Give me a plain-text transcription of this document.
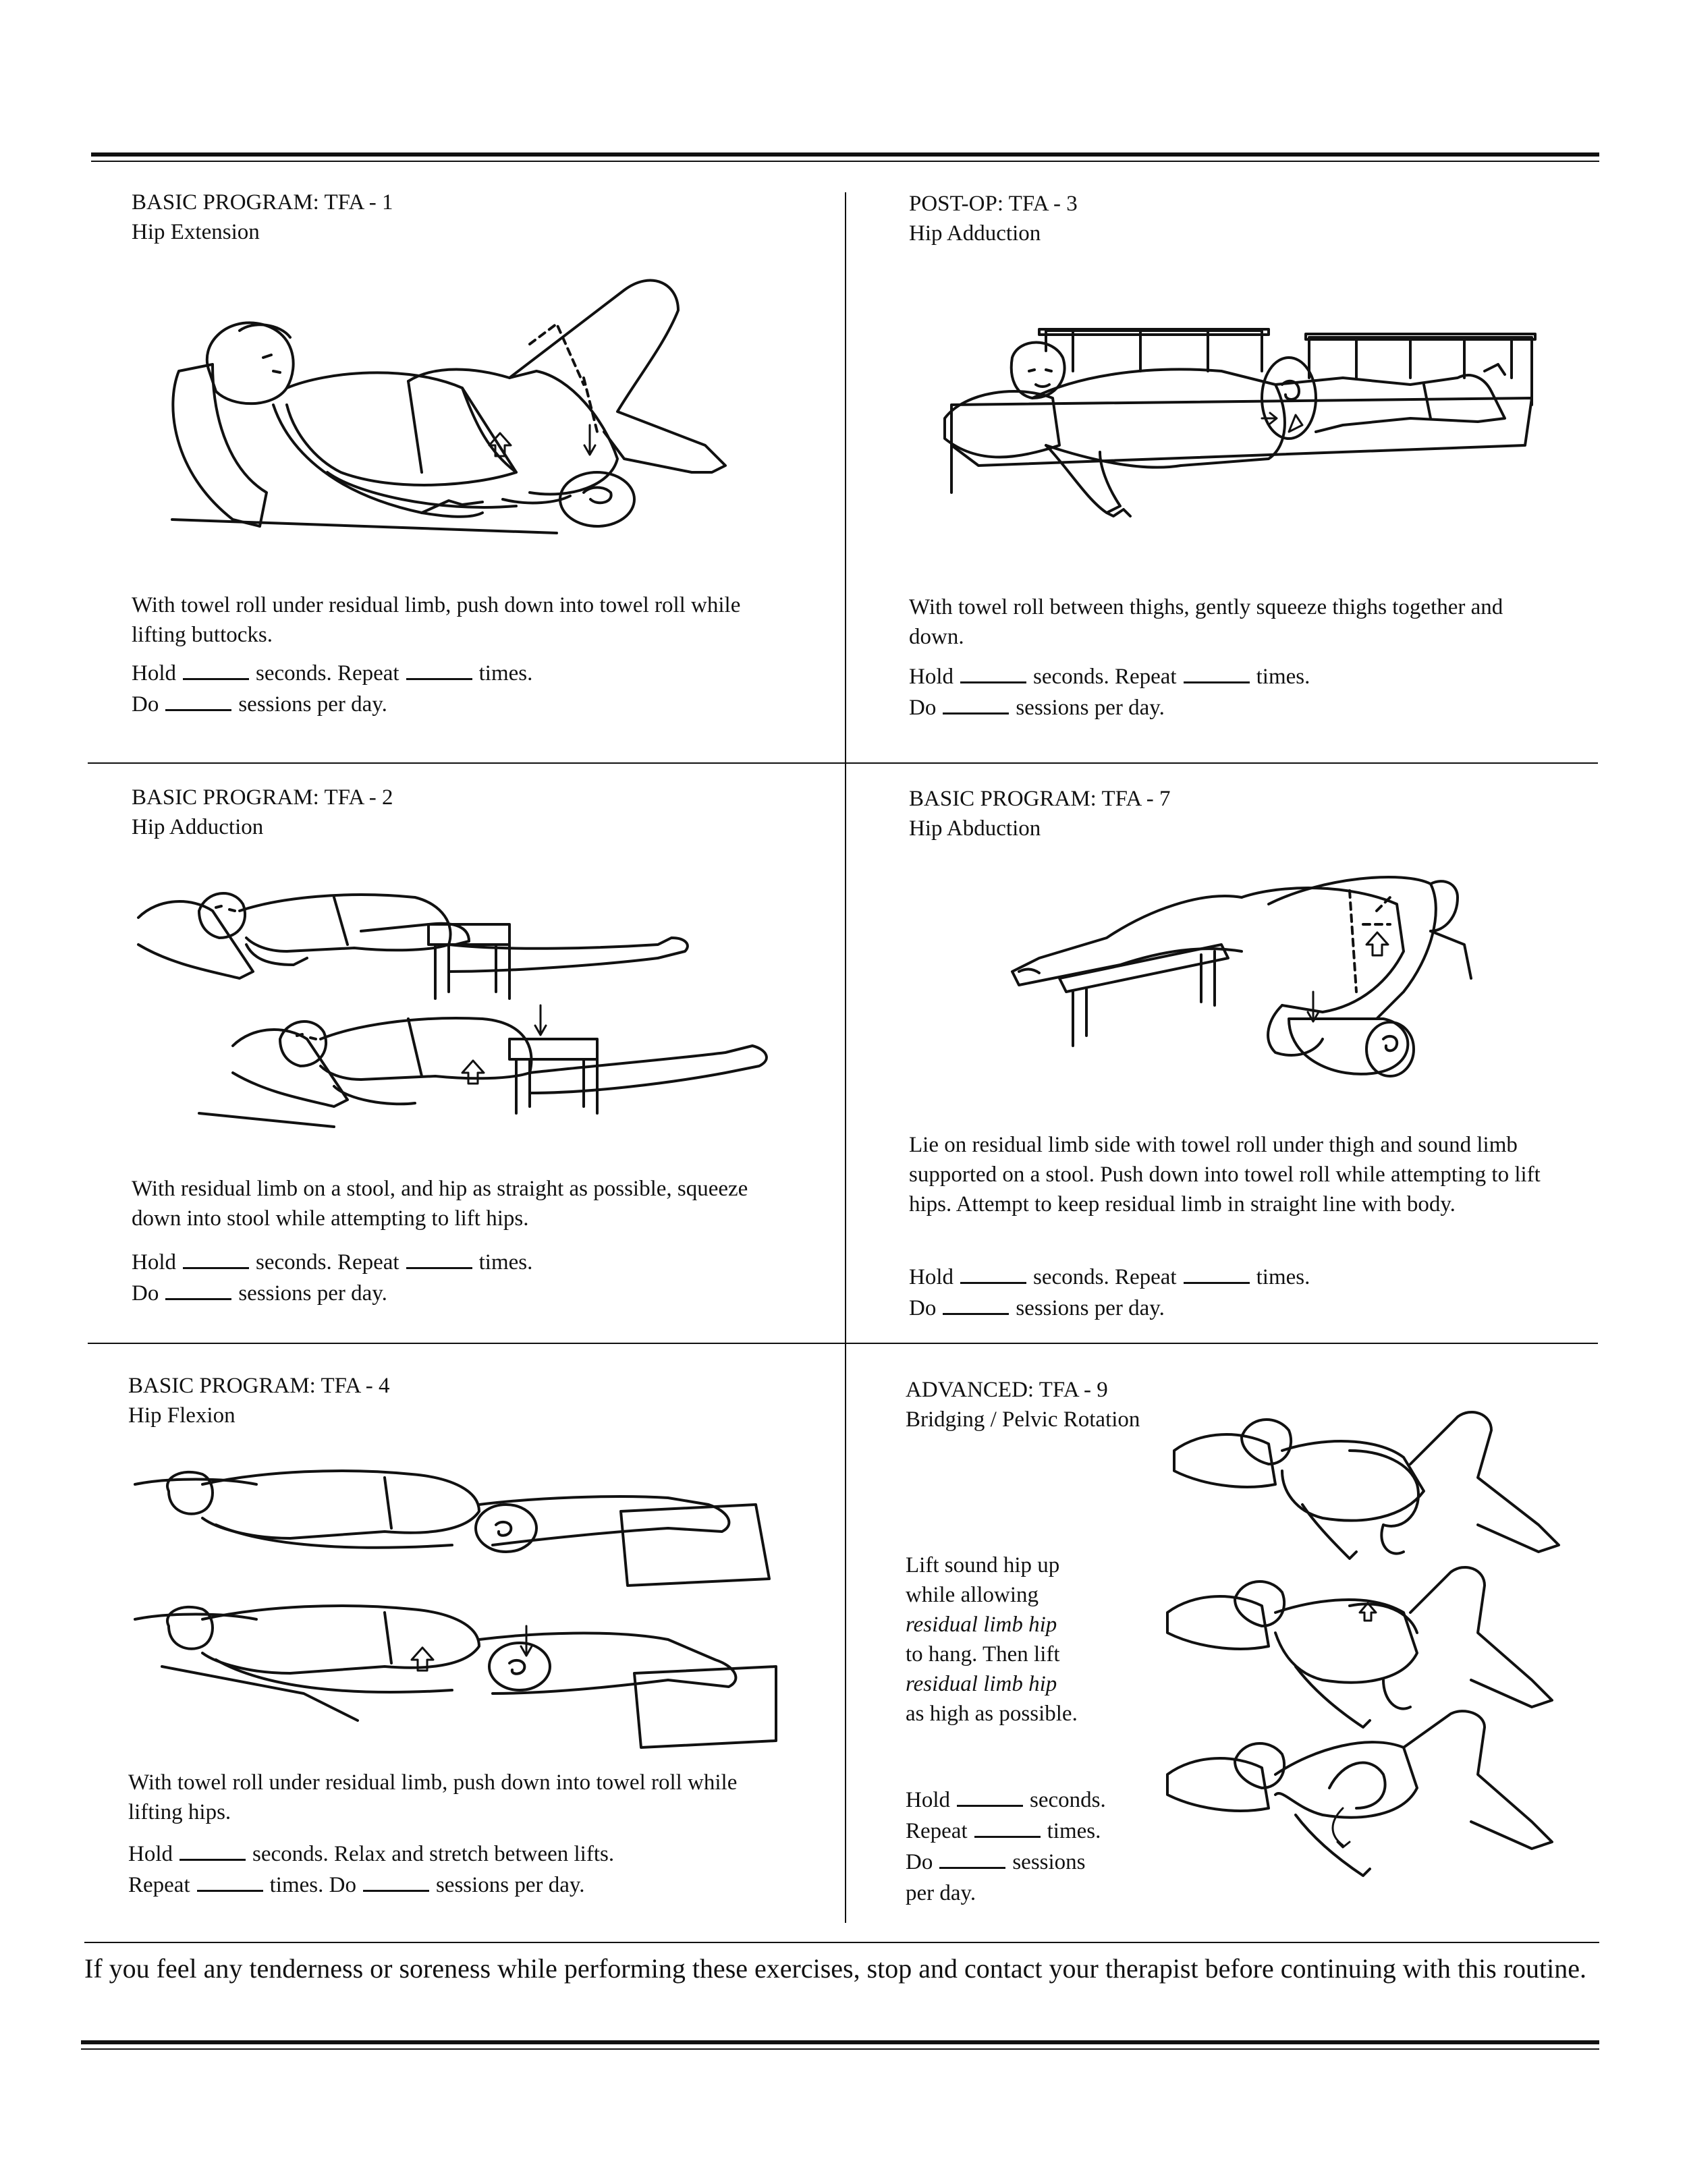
BASIC PROGRAM: TFA - 1
Hip Extension
With towel roll under residual limb, push down into towel roll while lifting buttocks.
Hold	seconds. Repeat	times.
Do	sessions per day.
POST-OP: TFA - 3
Hip Adduction
With towel roll between thighs, gently squeeze thighs together and down.
Hold	seconds. Repeat	times.
Do	sessions per day.
BASIC PROGRAM: TFA - 2
Hip Adduction
With residual limb on a stool, and hip as straight as possible, squeeze down into stool while attempting to lift hips.
Hold	seconds. Repeat	times.
Do	sessions per day.
BASIC PROGRAM: TFA - 7
Hip Abduction
Lie on residual limb side with towel roll under thigh and sound limb supported on a stool. Push down into towel roll while attempting to lift hips. Attempt to keep residual limb in straight line with body.
Hold	seconds. Repeat	times.
Do	sessions per day.
BASIC PROGRAM: TFA - 4
Hip Flexion
With towel roll under residual limb, push down into towel roll while lifting hips.
Hold	seconds. Relax and stretch between lifts.
Repeat	times. Do	sessions per day.
ADVANCED: TFA - 9
Bridging / Pelvic Rotation
Lift sound hip up
while allowing
residual limb hip
to hang. Then lift
residual limb hip
as high as possible.
Hold	seconds.
Repeat	times.
Do	sessions
per day.
If you feel any tenderness or soreness while performing these exercises, stop and contact your therapist before continuing with this routine.
